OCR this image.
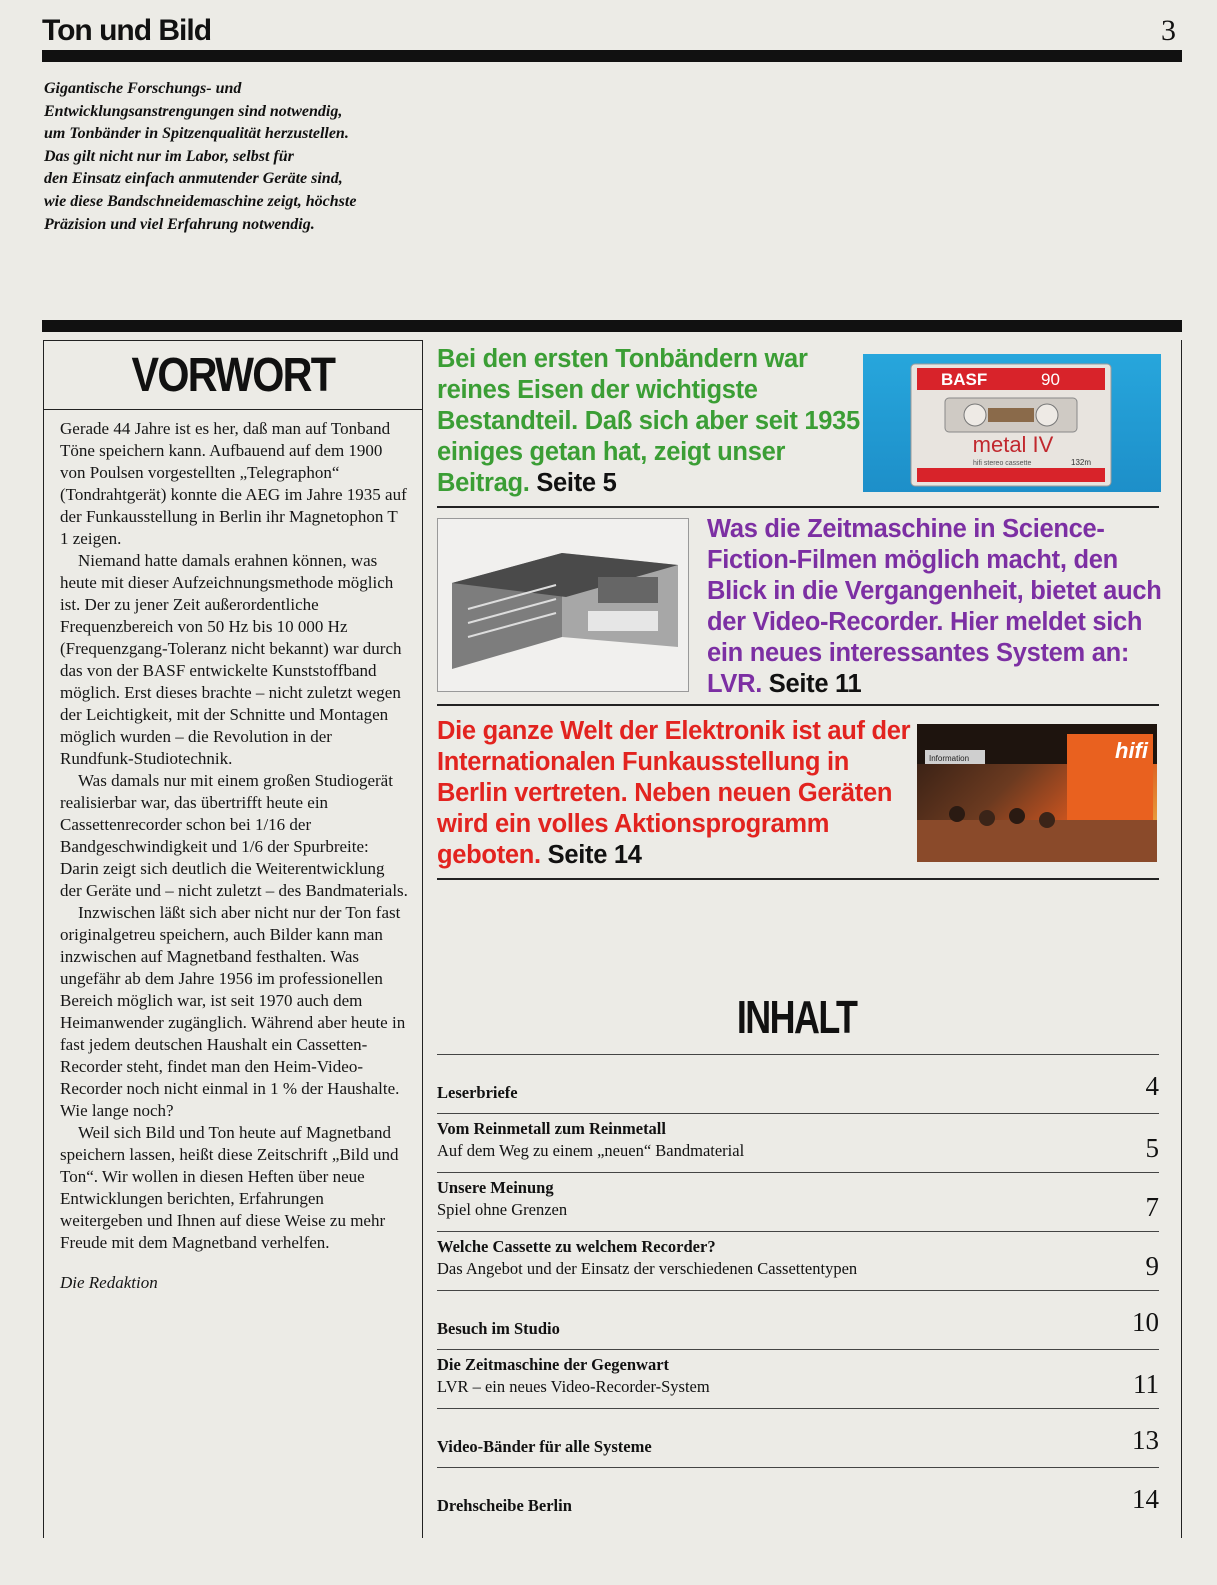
Ton und Bild	3
Gigantische Forschungs- und
Entwicklungsanstrengungen sind notwendig,
um Tonbänder in Spitzenqualität herzustellen.
Das gilt nicht nur im Labor, selbst für
den Einsatz einfach anmutender Geräte sind,
wie diese Bandschneidemaschine zeigt, höchste
Präzision und viel Erfahrung notwendig.
VORWORT

Gerade 44 Jahre ist es her, daß man auf Tonband Töne speichern kann. Aufbauend auf dem 1900 von Poulsen vorgestellten „Telegraphon“ (Tondrahtgerät) konnte die AEG im Jahre 1935 auf der Funkausstellung in Berlin ihr Magnetophon T 1 zeigen.

Niemand hatte damals erahnen können, was heute mit dieser Aufzeichnungsmethode möglich ist. Der zu jener Zeit außerordentliche Frequenzbereich von 50 Hz bis 10 000 Hz (Frequenzgang-Toleranz nicht bekannt) war durch das von der BASF entwickelte Kunststoffband möglich. Erst dieses brachte – nicht zuletzt wegen der Leichtigkeit, mit der Schnitte und Montagen möglich wurden – die Revolution in der Rundfunk-Studiotechnik.

Was damals nur mit einem großen Studiogerät realisierbar war, das übertrifft heute ein Cassettenrecorder schon bei 1/16 der Bandgeschwindigkeit und 1/6 der Spurbreite: Darin zeigt sich deutlich die Weiterentwicklung der Geräte und – nicht zuletzt – des Bandmaterials.

Inzwischen läßt sich aber nicht nur der Ton fast originalgetreu speichern, auch Bilder kann man inzwischen auf Magnetband festhalten. Was ungefähr ab dem Jahre 1956 im professionellen Bereich möglich war, ist seit 1970 auch dem Heimanwender zugänglich. Während aber heute in fast jedem deutschen Haushalt ein Cassetten-Recorder steht, findet man den Heim-Video-Recorder noch nicht einmal in 1 % der Haushalte. Wie lange noch?

Weil sich Bild und Ton heute auf Magnetband speichern lassen, heißt diese Zeitschrift „Bild und Ton“. Wir wollen in diesen Heften über neue Entwicklungen berichten, Erfahrungen weitergeben und Ihnen auf diese Weise zu mehr Freude mit dem Magnetband verhelfen.

Die Redaktion
Bei den ersten Tonbändern war reines Eisen der wichtigste Bestandteil. Daß sich aber seit 1935 einiges getan hat, zeigt unser Beitrag. Seite 5
BASF	90
metal IV
hifi stereo cassette	132m
Was die Zeitmaschine in Science-Fiction-Filmen möglich macht, den Blick in die Vergangenheit, bietet auch der Video-Recorder. Hier meldet sich ein neues interessantes System an: LVR. Seite 11
Die ganze Welt der Elektronik ist auf der Internationalen Funkausstellung in Berlin vertreten. Neben neuen Geräten wird ein volles Aktionsprogramm geboten. Seite 14
Information	hifi
INHALT
Leserbriefe	4
Vom Reinmetall zum Reinmetall
Auf dem Weg zu einem „neuen“ Bandmaterial	5
Unsere Meinung
Spiel ohne Grenzen	7
Welche Cassette zu welchem Recorder?
Das Angebot und der Einsatz der verschiedenen Cassettentypen	9
Besuch im Studio	10
Die Zeitmaschine der Gegenwart
LVR – ein neues Video-Recorder-System	11
Video-Bänder für alle Systeme	13
Drehscheibe Berlin	14
